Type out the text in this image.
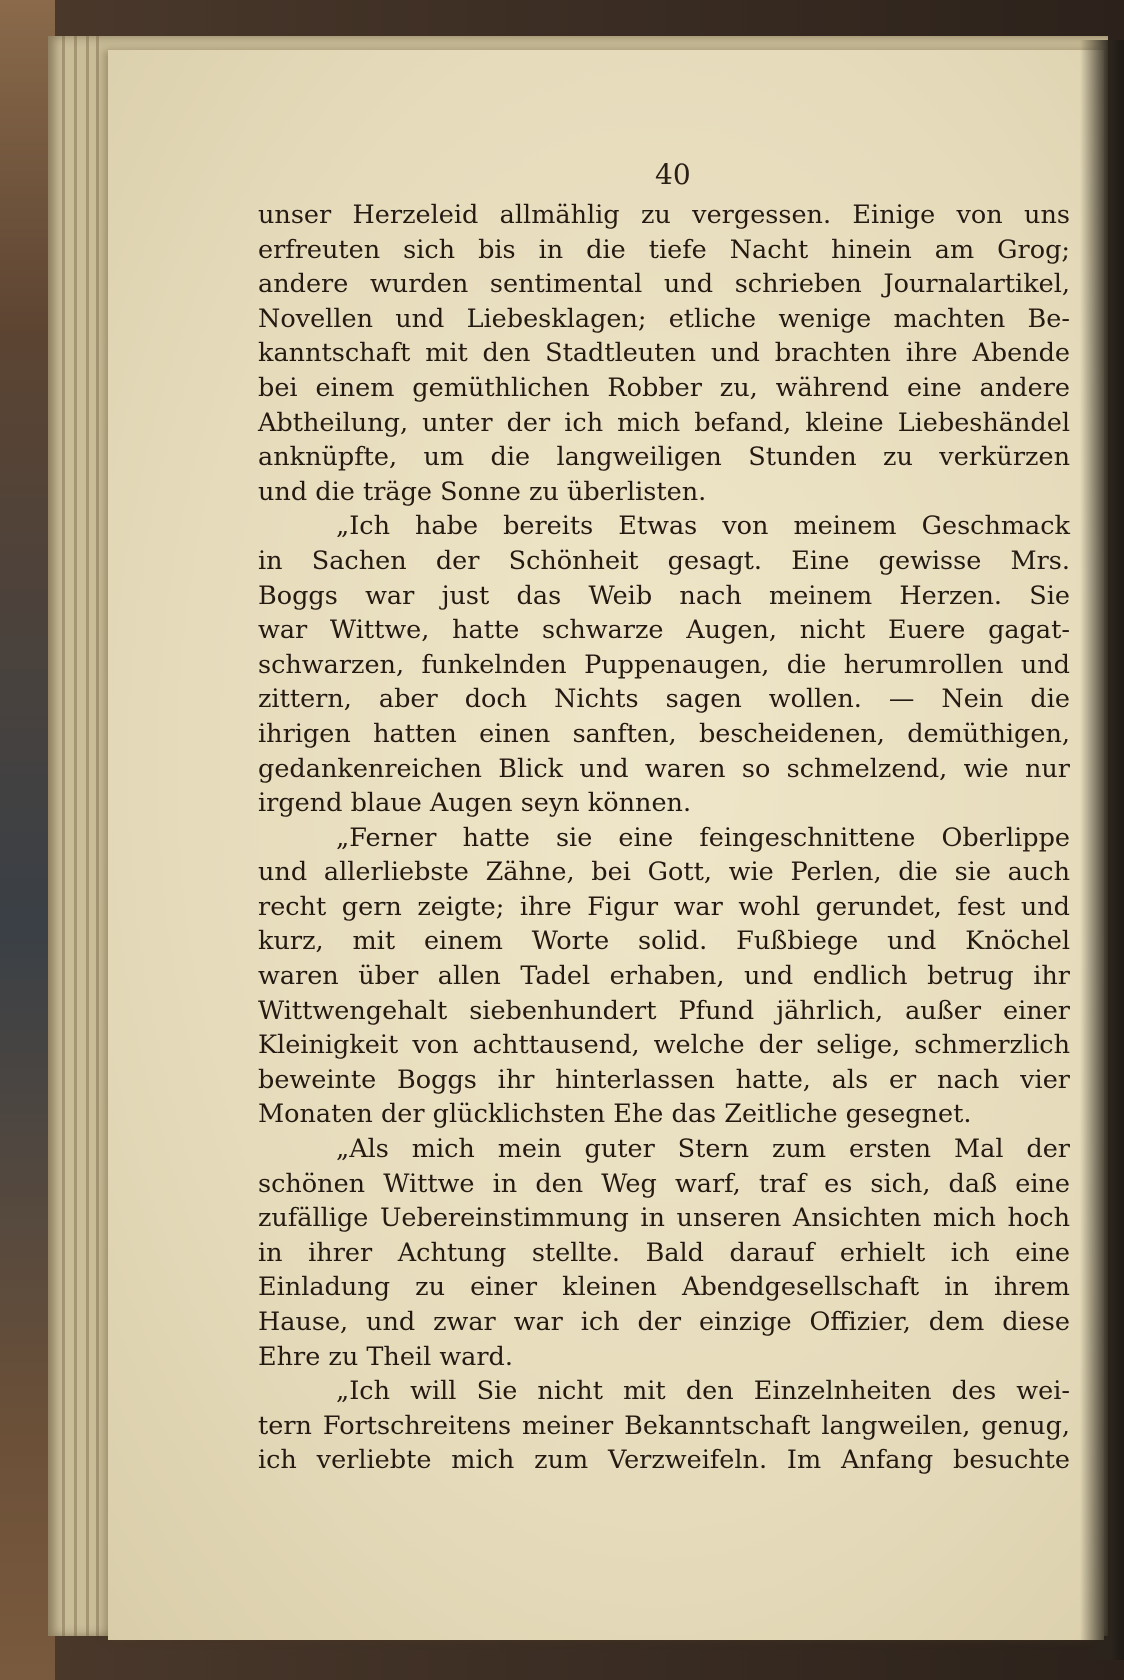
40
unser Herzeleid allmählig zu vergessen. Einige von uns
erfreuten sich bis in die tiefe Nacht hinein am Grog;
andere wurden sentimental und schrieben Journalartikel,
Novellen und Liebesklagen; etliche wenige machten Be-
kanntschaft mit den Stadtleuten und brachten ihre Abende
bei einem gemüthlichen Robber zu, während eine andere
Abtheilung, unter der ich mich befand, kleine Liebeshändel
anknüpfte, um die langweiligen Stunden zu verkürzen
und die träge Sonne zu überlisten.
„Ich habe bereits Etwas von meinem Geschmack
in Sachen der Schönheit gesagt. Eine gewisse Mrs.
Boggs war just das Weib nach meinem Herzen. Sie
war Wittwe, hatte schwarze Augen, nicht Euere gagat-
schwarzen, funkelnden Puppenaugen, die herumrollen und
zittern, aber doch Nichts sagen wollen. — Nein die
ihrigen hatten einen sanften, bescheidenen, demüthigen,
gedankenreichen Blick und waren so schmelzend, wie nur
irgend blaue Augen seyn können.
„Ferner hatte sie eine feingeschnittene Oberlippe
und allerliebste Zähne, bei Gott, wie Perlen, die sie auch
recht gern zeigte; ihre Figur war wohl gerundet, fest und
kurz, mit einem Worte solid. Fußbiege und Knöchel
waren über allen Tadel erhaben, und endlich betrug ihr
Wittwengehalt siebenhundert Pfund jährlich, außer einer
Kleinigkeit von achttausend, welche der selige, schmerzlich
beweinte Boggs ihr hinterlassen hatte, als er nach vier
Monaten der glücklichsten Ehe das Zeitliche gesegnet.
„Als mich mein guter Stern zum ersten Mal der
schönen Wittwe in den Weg warf, traf es sich, daß eine
zufällige Uebereinstimmung in unseren Ansichten mich hoch
in ihrer Achtung stellte. Bald darauf erhielt ich eine
Einladung zu einer kleinen Abendgesellschaft in ihrem
Hause, und zwar war ich der einzige Offizier, dem diese
Ehre zu Theil ward.
„Ich will Sie nicht mit den Einzelnheiten des wei-
tern Fortschreitens meiner Bekanntschaft langweilen, genug,
ich verliebte mich zum Verzweifeln. Im Anfang besuchte
